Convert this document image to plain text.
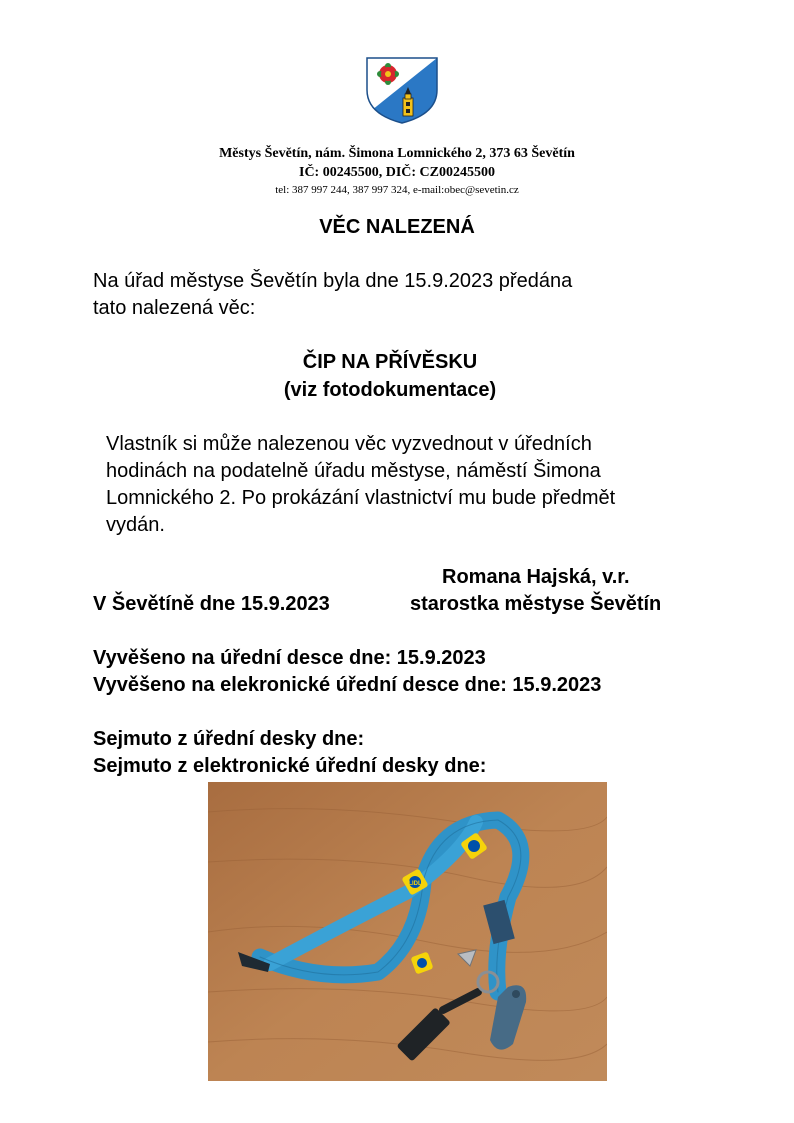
Městys Ševětín, nám. Šimona Lomnického 2, 373 63 Ševětín
IČ: 00245500, DIČ: CZ00245500
tel: 387 997 244, 387 997 324, e-mail:obec@sevetin.cz
VĚC NALEZENÁ
Na úřad městyse Ševětín byla dne 15.9.2023 předána
tato nalezená věc:
ČIP NA PŘÍVĚSKU
(viz fotodokumentace)
Vlastník si může nalezenou věc vyzvednout v úředních
hodinách na podatelně úřadu městyse, náměstí Šimona
Lomnického 2. Po prokázání vlastnictví mu bude předmět
vydán.
Romana Hajská, v.r.
V Ševětíně dne 15.9.2023	starostka městyse Ševětín
Vyvěšeno na úřední desce dne: 15.9.2023
Vyvěšeno na elekronické úřední desce dne: 15.9.2023
Sejmuto z úřední desky dne:
Sejmuto z elektronické úřední desky dne:
LIDL
